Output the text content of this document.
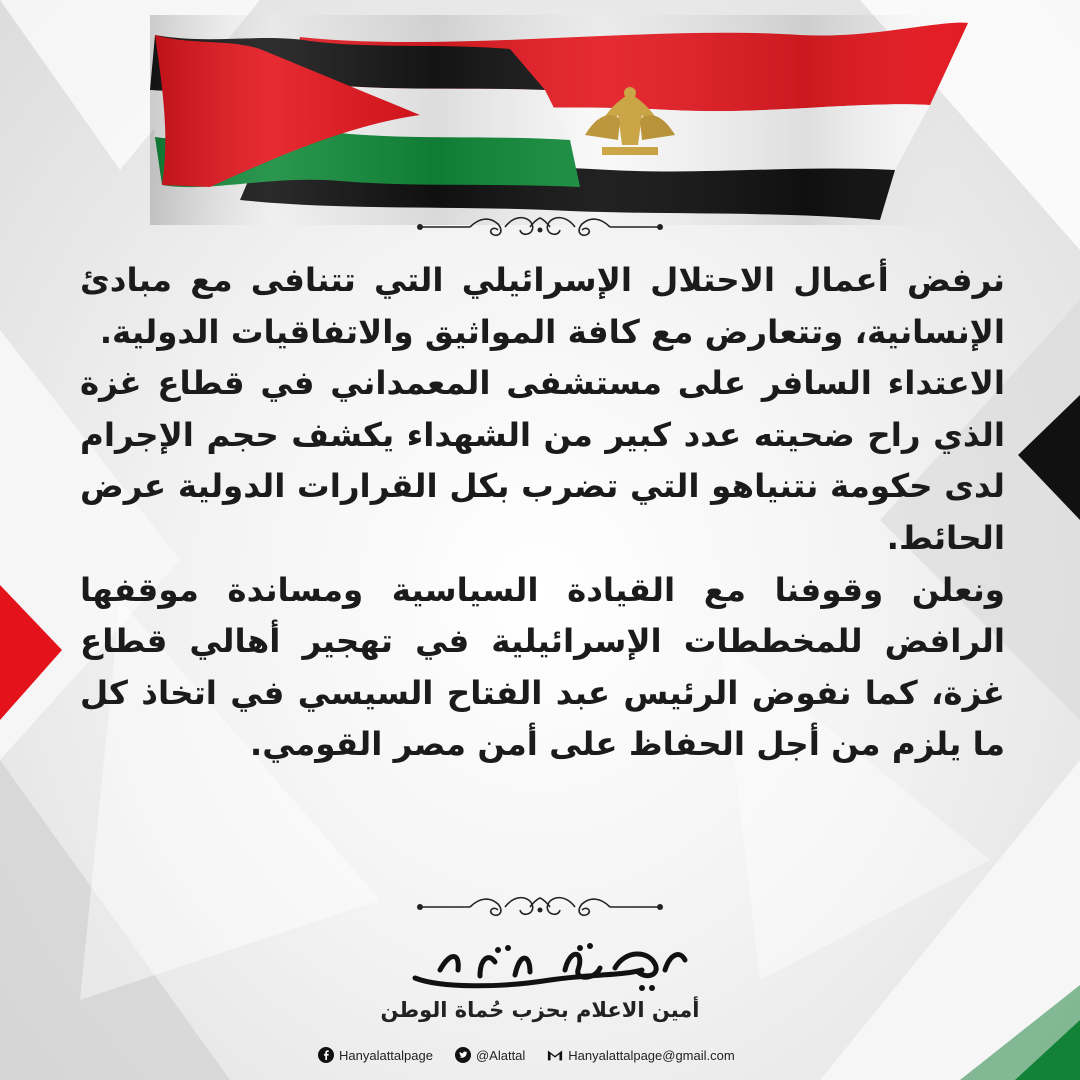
نرفض أعمال الاحتلال الإسرائيلي التي تتنافى مع مبادئ الإنسانية، وتتعارض مع كافة المواثيق والاتفاقيات الدولية.

الاعتداء السافر على مستشفى المعمداني في قطاع غزة الذي راح ضحيته عدد كبير من الشهداء يكشف حجم الإجرام لدى حكومة نتنياهو التي تضرب بكل القرارات الدولية عرض الحائط.

ونعلن وقوفنا مع القيادة السياسية ومساندة موقفها الرافض للمخططات الإسرائيلية في تهجير أهالي قطاع غزة، كما نفوض الرئيس عبد الفتاح السيسي في اتخاذ كل ما يلزم من أجل الحفاظ على أمن مصر القومي.

أمين الاعلام بحزب حُماة الوطن
Hanyalattalpage	@Alattal	Hanyalattalpage@gmail.com
